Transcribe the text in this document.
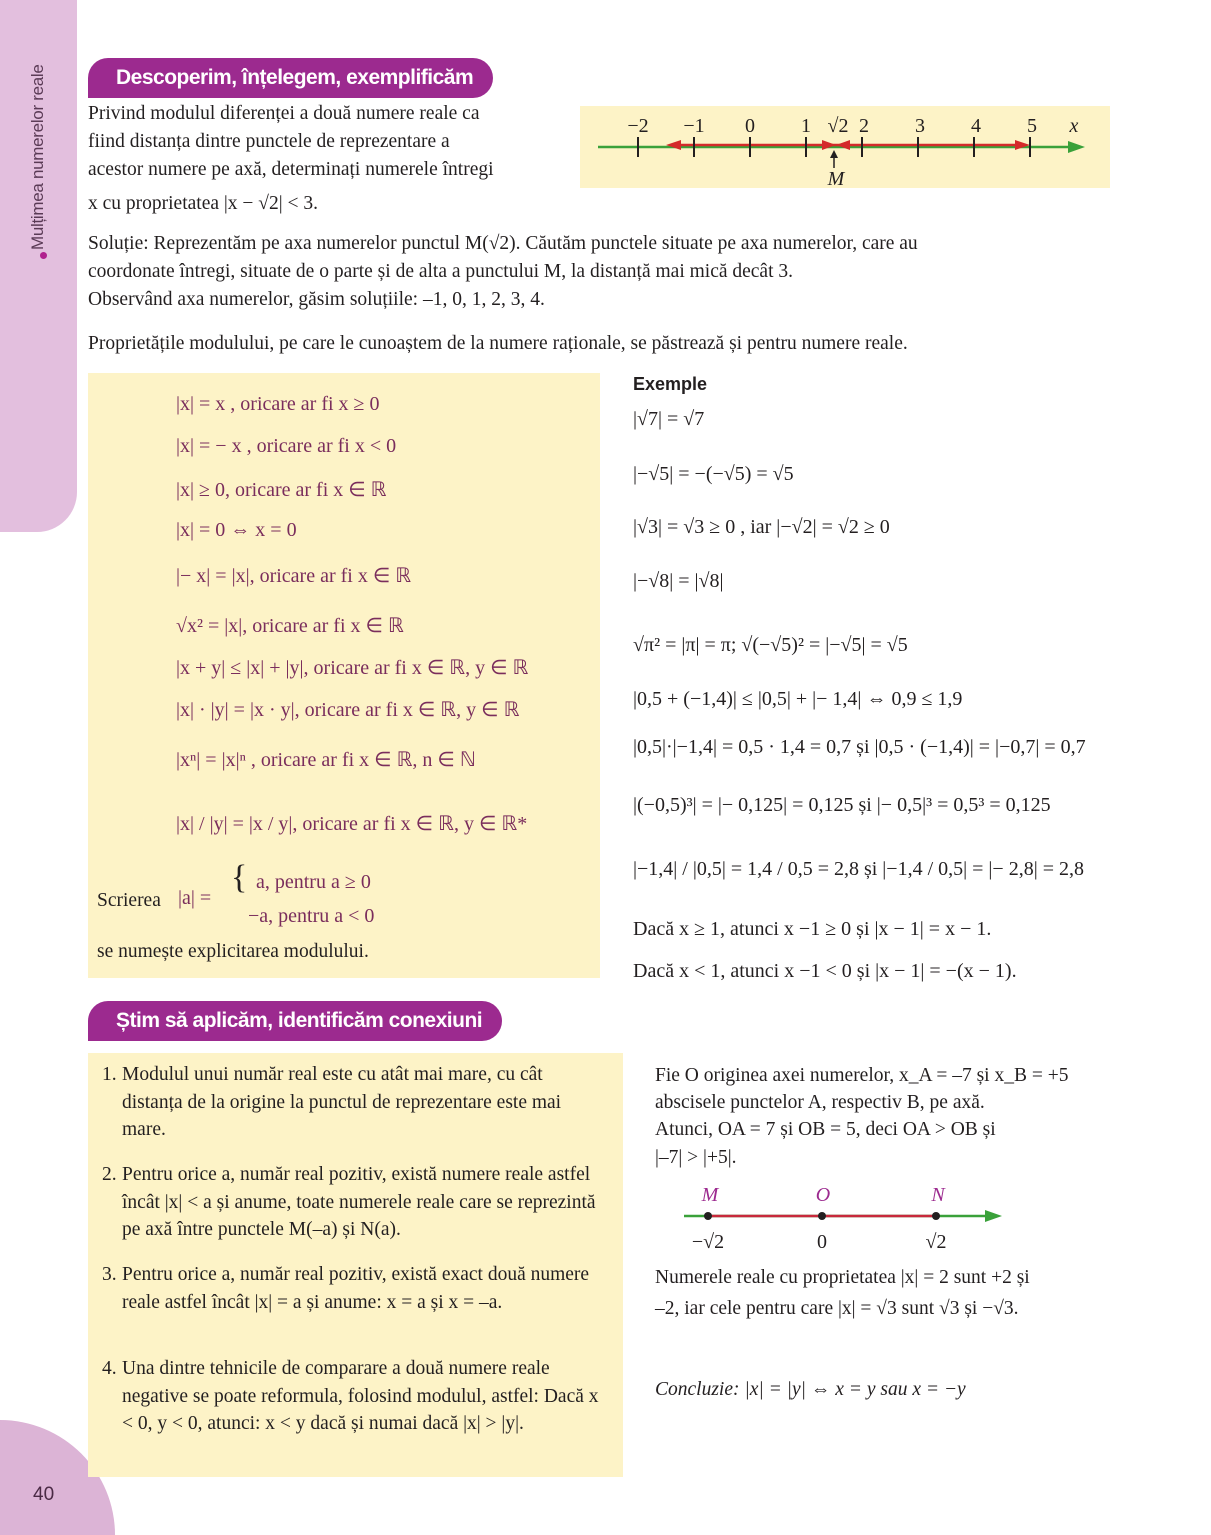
Mulțimea numerelor reale
40
Descoperim, înțelegem, exemplificăm
Privind modulul diferenței a două numere reale ca
fiind distanța dintre punctele de reprezentare a
acestor numere pe axă, determinați numerele întregi
x cu proprietatea |x − √2| < 3.
−2 −1 0 1 √2 2 3 4 5 x
M
Soluție: Reprezentăm pe axa numerelor punctul M(√2). Căutăm punctele situate pe axa numerelor, care au
coordonate întregi, situate de o parte și de alta a punctului M, la distanță mai mică decât 3.
Observând axa numerelor, găsim soluțiile: –1, 0, 1, 2, 3, 4.
Proprietățile modulului, pe care le cunoaștem de la numere raționale, se păstrează și pentru numere reale.
|x| = x , oricare ar fi x ≥ 0
|x| = − x , oricare ar fi x < 0
|x| ≥ 0, oricare ar fi x ∈ ℝ
|x| = 0 ⇔ x = 0
|− x| = |x|, oricare ar fi x ∈ ℝ
√x² = |x|, oricare ar fi x ∈ ℝ
|x + y| ≤ |x| + |y|, oricare ar fi x ∈ ℝ, y ∈ ℝ
|x| · |y| = |x · y|, oricare ar fi x ∈ ℝ, y ∈ ℝ
|xⁿ| = |x|ⁿ , oricare ar fi x ∈ ℝ, n ∈ ℕ
|x| / |y| = |x / y|, oricare ar fi x ∈ ℝ, y ∈ ℝ*
Scrierea |a| =
{ a, pentru a ≥ 0
−a, pentru a < 0
se numește explicitarea modulului.
Exemple
|√7| = √7
|−√5| = −(−√5) = √5
|√3| = √3 ≥ 0 , iar |−√2| = √2 ≥ 0
|−√8| = |√8|
√π² = |π| = π; √(−√5)² = |−√5| = √5
|0,5 + (−1,4)| ≤ |0,5| + |− 1,4| ⇔ 0,9 ≤ 1,9
|0,5|·|−1,4| = 0,5 · 1,4 = 0,7 și |0,5 · (−1,4)| = |−0,7| = 0,7
|(−0,5)³| = |− 0,125| = 0,125 și |− 0,5|³ = 0,5³ = 0,125
|−1,4| / |0,5| = 1,4 / 0,5 = 2,8 și |−1,4 / 0,5| = |− 2,8| = 2,8
Dacă x ≥ 1, atunci x −1 ≥ 0 și |x − 1| = x − 1.
Dacă x < 1, atunci x −1 < 0 și |x − 1| = −(x − 1).
Știm să aplicăm, identificăm conexiuni
1. Modulul unui număr real este cu atât mai mare, cu cât distanța de la origine la punctul de reprezentare este mai mare.
2. Pentru orice a, număr real pozitiv, există numere reale astfel încât |x| < a și anume, toate numerele reale care se reprezintă pe axă între punctele M(–a) și N(a).
3. Pentru orice a, număr real pozitiv, există exact două numere reale astfel încât |x| = a și anume: x = a și x = –a.
4. Una dintre tehnicile de comparare a două numere reale negative se poate reformula, folosind modulul, astfel: Dacă x < 0, y < 0, atunci: x < y dacă și numai dacă |x| > |y|.
Fie O originea axei numerelor, x_A = –7 și x_B = +5
abscisele punctelor A, respectiv B, pe axă.
Atunci, OA = 7 și OB = 5, deci OA > OB și
|–7| > |+5|.
M	O	N
−√2	0	√2
Numerele reale cu proprietatea |x| = 2 sunt +2 și
–2, iar cele pentru care |x| = √3 sunt √3 și −√3.
Concluzie: |x| = |y| ⇔ x = y sau x = −y
